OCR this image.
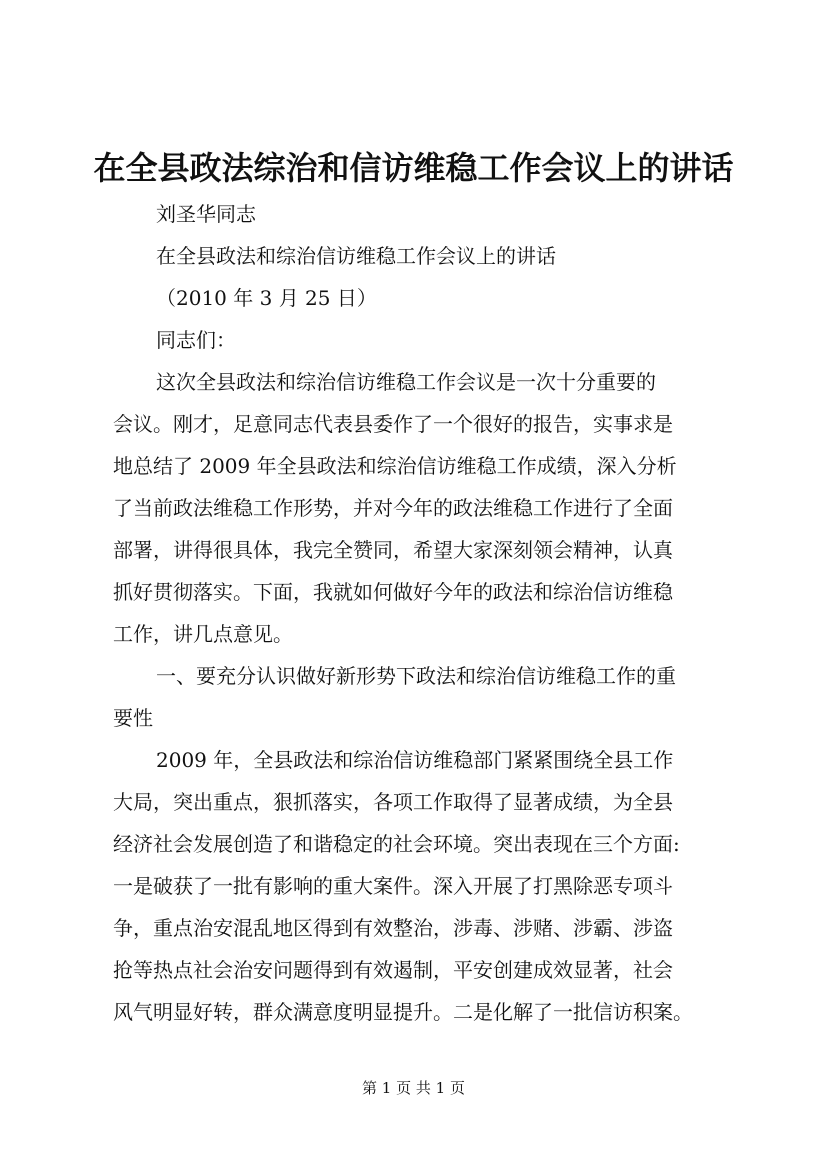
在全县政法综治和信访维稳工作会议上的讲话
刘圣华同志
在全县政法和综治信访维稳工作会议上的讲话
（2010 年 3 月 25 日）
同志们：
这次全县政法和综治信访维稳工作会议是一次十分重要的
会议。刚才，足意同志代表县委作了一个很好的报告，实事求是
地总结了 2009 年全县政法和综治信访维稳工作成绩，深入分析
了当前政法维稳工作形势，并对今年的政法维稳工作进行了全面
部署，讲得很具体，我完全赞同，希望大家深刻领会精神，认真
抓好贯彻落实。下面，我就如何做好今年的政法和综治信访维稳
工作，讲几点意见。
一、要充分认识做好新形势下政法和综治信访维稳工作的重
要性
2009 年，全县政法和综治信访维稳部门紧紧围绕全县工作
大局，突出重点，狠抓落实，各项工作取得了显著成绩，为全县
经济社会发展创造了和谐稳定的社会环境。突出表现在三个方面:
一是破获了一批有影响的重大案件。深入开展了打黑除恶专项斗
争，重点治安混乱地区得到有效整治，涉毒、涉赌、涉霸、涉盗
抢等热点社会治安问题得到有效遏制，平安创建成效显著，社会
风气明显好转，群众满意度明显提升。二是化解了一批信访积案。
第 1 页 共 1 页
